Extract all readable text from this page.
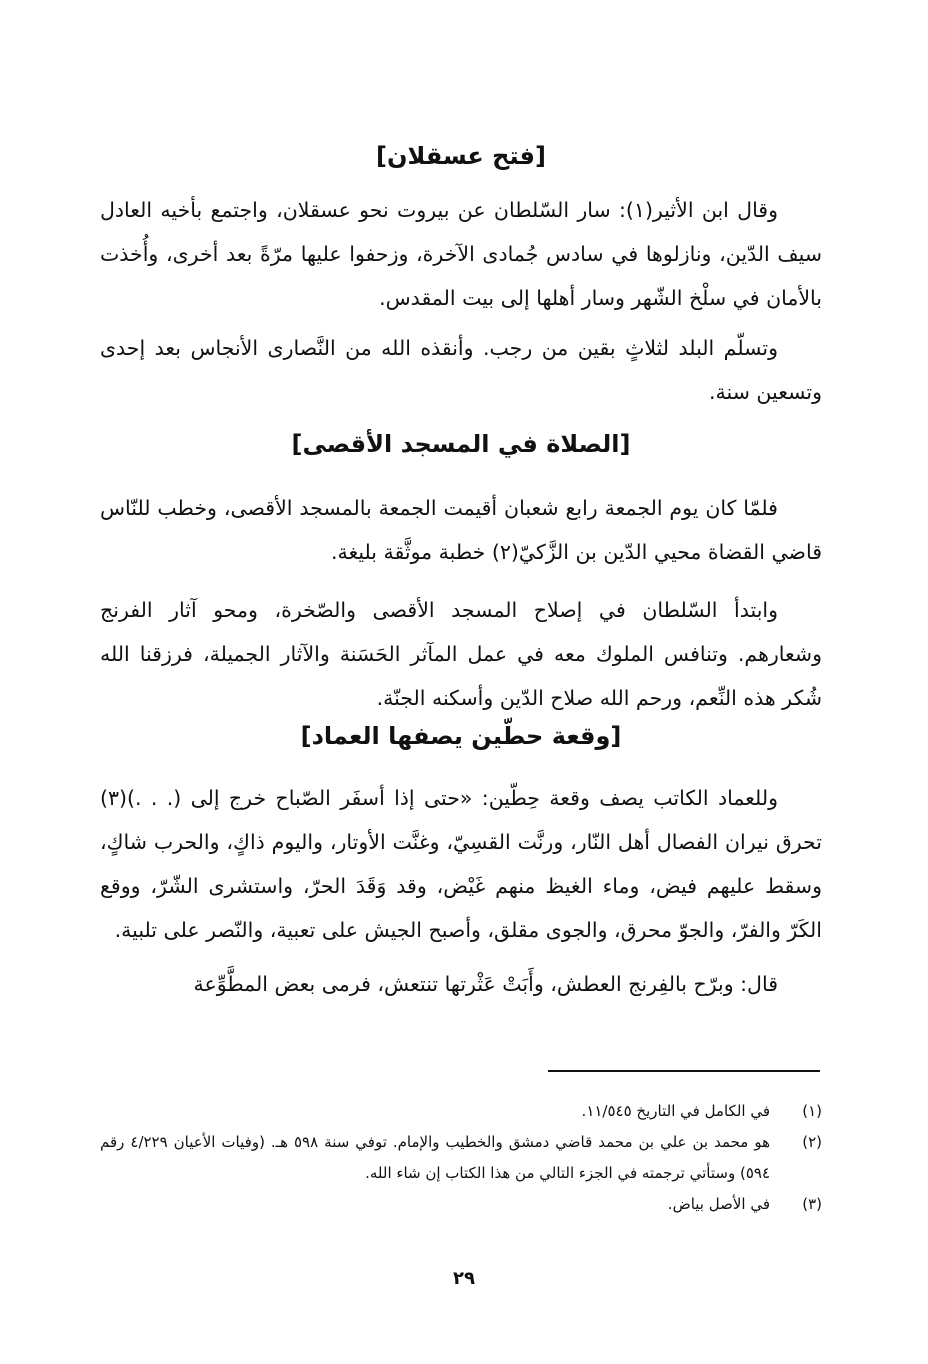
[فتح عسقلان]

وقال ابن الأثير(١): سار السّلطان عن بيروت نحو عسقلان، واجتمع بأخيه العادل سيف الدّين، ونازلوها في سادس جُمادى الآخرة، وزحفوا عليها مرّةً بعد أخرى، وأُخذت بالأمان في سلْخ الشّهر وسار أهلها إلى بيت المقدس.

وتسلّم البلد لثلاثٍ بقين من رجب. وأنقذه الله من النَّصارى الأنجاس بعد إحدى وتسعين سنة.

[الصلاة في المسجد الأقصى]

فلمّا كان يوم الجمعة رابع شعبان أقيمت الجمعة بالمسجد الأقصى، وخطب للنّاس قاضي القضاة محيي الدّين بن الزَّكيّ(٢) خطبة موثَّقة بليغة.

وابتدأ السّلطان في إصلاح المسجد الأقصى والصّخرة، ومحو آثار الفرنج وشعارهم. وتنافس الملوك معه في عمل المآثر الحَسَنة والآثار الجميلة، فرزقنا الله شُكر هذه النِّعم، ورحم الله صلاح الدّين وأسكنه الجنّة.

[وقعة حطّين يصفها العماد]

وللعماد الكاتب يصف وقعة حِطّين: «حتى إذا أسفَر الصّباح خرج إلى (. . .)(٣) تحرق نيران الفصال أهل النّار، ورنَّت القسِيّ، وغنَّت الأوتار، واليوم ذاكٍ، والحرب شاكٍ، وسقط عليهم فيض، وماء الغيظ منهم غَيْض، وقد وَقَدَ الحرّ، واستشرى الشّرّ، ووقع الكَرّ والفرّ، والجوّ محرق، والجوى مقلق، وأصبح الجيش على تعبية، والنّصر على تلبية.

قال: وبرّح بالفِرنج العطش، وأَبَتْ عَثْرتها تنتعش، فرمى بعض المطَّوِّعة

(١)
في الكامل في التاريخ ١١/٥٤٥.
(٢)
هو محمد بن علي بن محمد قاضي دمشق والخطيب والإمام. توفي سنة ٥٩٨ هـ. (وفيات الأعيان ٤/٢٢٩ رقم ٥٩٤) وستأتي ترجمته في الجزء التالي من هذا الكتاب إن شاء الله.
(٣)
في الأصل بياض.
٢٩
